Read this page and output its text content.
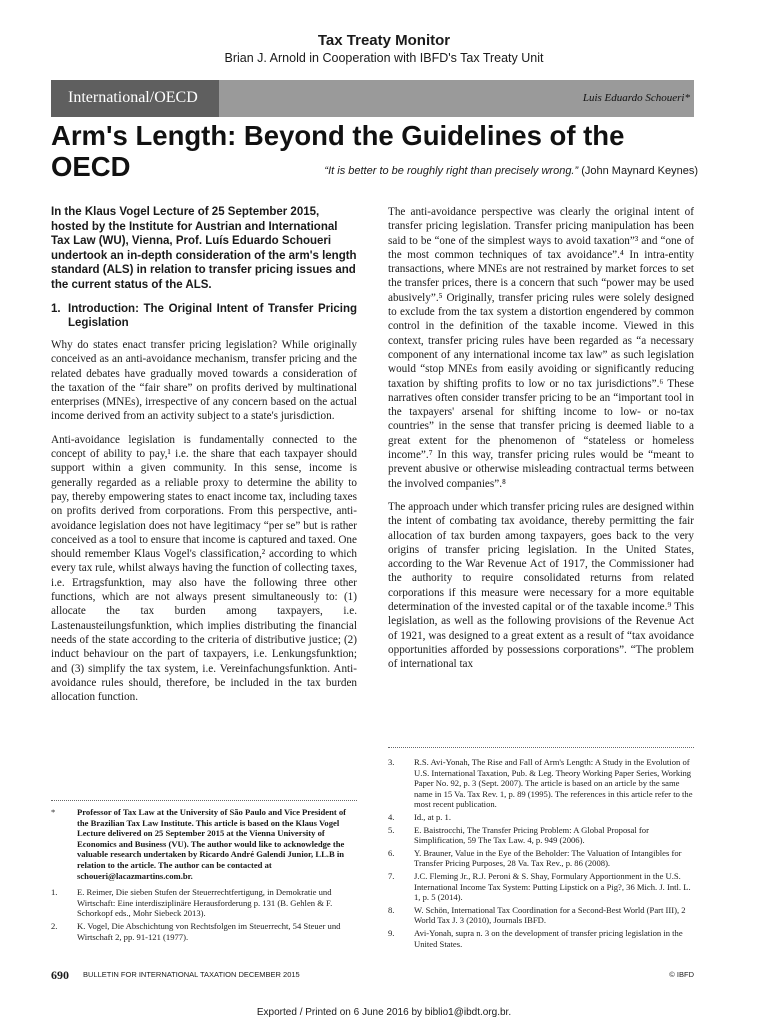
Tax Treaty Monitor
Brian J. Arnold in Cooperation with IBFD's Tax Treaty Unit
International/OECD	Luis Eduardo Schoueri*
Arm's Length: Beyond the Guidelines of the OECD	“It is better to be roughly right than precisely wrong.” (John Maynard Keynes)

In the Klaus Vogel Lecture of 25 September 2015, hosted by the Institute for Austrian and International Tax Law (WU), Vienna, Prof. Luís Eduardo Schoueri undertook an in-depth consideration of the arm's length standard (ALS) in relation to transfer pricing issues and the current status of the ALS.

1. Introduction: The Original Intent of Transfer Pricing Legislation

Why do states enact transfer pricing legislation? While originally conceived as an anti-avoidance mechanism, transfer pricing and the related debates have gradually moved towards a consideration of the taxation of the “fair share” on profits derived by multinational enterprises (MNEs), irrespective of any concern based on the actual income derived from an activity subject to a state's jurisdiction.

Anti-avoidance legislation is fundamentally connected to the concept of ability to pay,¹ i.e. the share that each taxpayer should support within a given community. In this sense, income is generally regarded as a reliable proxy to determine the ability to pay, thereby empowering states to enact income tax, including taxes on profits derived from corporations. From this perspective, anti-avoidance legislation does not have legitimacy “per se” but is rather conceived as a tool to ensure that income is captured and taxed. One should remember Klaus Vogel's classification,² according to which every tax rule, whilst always having the function of collecting taxes, i.e. Ertragsfunktion, may also have the following three other functions, which are not always present simultaneously to: (1) allocate the tax burden among taxpayers, i.e. Lastenausteilungsfunktion, which implies distributing the financial needs of the state according to the criteria of distributive justice; (2) induct behaviour on the part of taxpayers, i.e. Lenkungsfunktion; and (3) simplify the tax system, i.e. Vereinfachungsfunktion. Anti-avoidance rules should, therefore, be included in the tax burden allocation function.

The anti-avoidance perspective was clearly the original intent of transfer pricing legislation. Transfer pricing manipulation has been said to be “one of the simplest ways to avoid taxation”³ and “one of the most common techniques of tax avoidance”.⁴ In intra-entity transactions, where MNEs are not restrained by market forces to set the transfer prices, there is a concern that such “power may be used abusively”.⁵ Originally, transfer pricing rules were solely designed to exclude from the tax system a distortion engendered by common control in the definition of the taxable income. Viewed in this context, transfer pricing rules have been regarded as “a necessary component of any international income tax law” as such legislation would “stop MNEs from easily avoiding or significantly reducing taxation by shifting profits to low or no tax jurisdictions”.⁶ These narratives often consider transfer pricing to be an “important tool in the taxpayers' arsenal for shifting income to low- or no-tax countries” in the sense that transfer pricing is deemed liable to a great extent for the phenomenon of “stateless or homeless income”.⁷ In this way, transfer pricing rules would be “meant to prevent abusive or otherwise misleading contractual terms between the involved companies”.⁸

The approach under which transfer pricing rules are designed within the intent of combating tax avoidance, thereby permitting the fair allocation of tax burden among taxpayers, goes back to the very origins of transfer pricing legislation. In the United States, according to the War Revenue Act of 1917, the Commissioner had the authority to require consolidated returns from related corporations if this measure were necessary for a more equitable determination of the invested capital or of the taxable income.⁹ This legislation, as well as the following provisions of the Revenue Act of 1921, was designed to a great extent as a result of “tax avoidance opportunities afforded by possessions corporations”. “The problem of international tax

*	Professor of Tax Law at the University of São Paulo and Vice President of the Brazilian Tax Law Institute. This article is based on the Klaus Vogel Lecture delivered on 25 September 2015 at the Vienna University of Economics and Business (VU). The author would like to acknowledge the valuable research undertaken by Ricardo André Galendi Junior, LL.B in relation to the article. The author can be contacted at schoueri@lacazmartins.com.br.
1.	E. Reimer, Die sieben Stufen der Steuerrechtfertigung, in Demokratie und Wirtschaft: Eine interdisziplinäre Herausforderung p. 131 (B. Gehlen & F. Schorkopf eds., Mohr Siebeck 2013).
2.	K. Vogel, Die Abschichtung von Rechtsfolgen im Steuerrecht, 54 Steuer und Wirtschaft 2, pp. 91-121 (1977).
3.	R.S. Avi-Yonah, The Rise and Fall of Arm's Length: A Study in the Evolution of U.S. International Taxation, Pub. & Leg. Theory Working Paper Series, Working Paper No. 92, p. 3 (Sept. 2007). The article is based on an article by the same name in 15 Va. Tax Rev. 1, p. 89 (1995). The references in this article refer to the most recent publication.
4.	Id., at p. 1.
5.	E. Baistrocchi, The Transfer Pricing Problem: A Global Proposal for Simplification, 59 The Tax Law. 4, p. 949 (2006).
6.	Y. Brauner, Value in the Eye of the Beholder: The Valuation of Intangibles for Transfer Pricing Purposes, 28 Va. Tax Rev., p. 86 (2008).
7.	J.C. Fleming Jr., R.J. Peroni & S. Shay, Formulary Apportionment in the U.S. International Income Tax System: Putting Lipstick on a Pig?, 36 Mich. J. Intl. L. 1, p. 5 (2014).
8.	W. Schön, International Tax Coordination for a Second-Best World (Part III), 2 World Tax J. 3 (2010), Journals IBFD.
9.	Avi-Yonah, supra n. 3 on the development of transfer pricing legislation in the United States.
690 BULLETIN FOR INTERNATIONAL TAXATION DECEMBER 2015	© IBFD
Exported / Printed on 6 June 2016 by biblio1@ibdt.org.br.
